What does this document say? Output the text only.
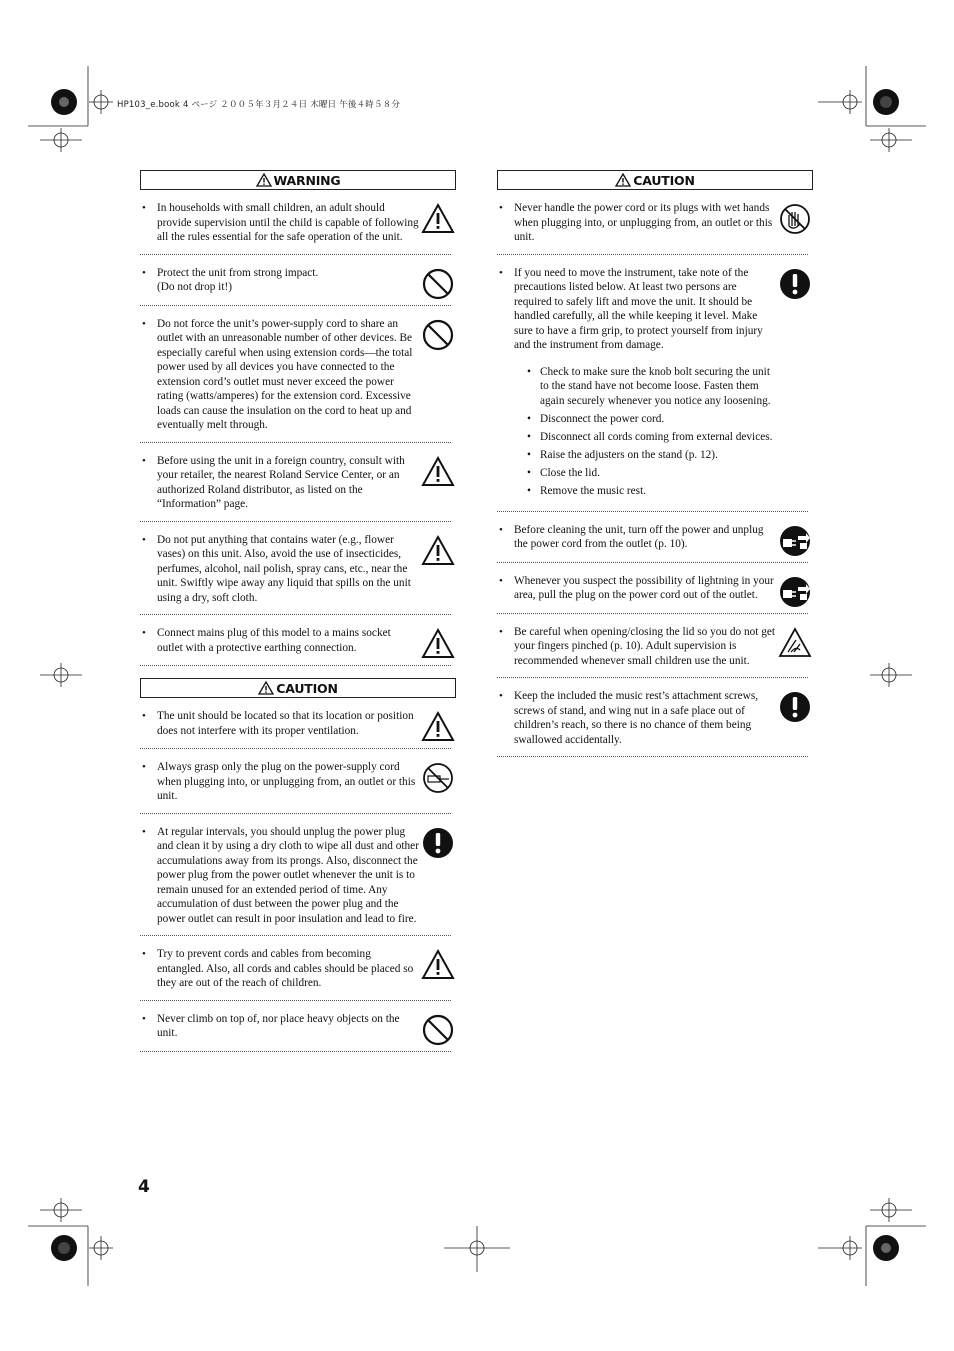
HP103_e.book 4 ページ ２００５年３月２４日 木曜日 午後４時５８分
WARNING
• In households with small children, an adult should provide supervision until the child is capable of following all the rules essential for the safe operation of the unit.
• Protect the unit from strong impact.
(Do not drop it!)
• Do not force the unit’s power-supply cord to share an outlet with an unreasonable number of other devices. Be especially careful when using extension cords—the total power used by all devices you have connected to the extension cord’s outlet must never exceed the power rating (watts/amperes) for the extension cord. Excessive loads can cause the insulation on the cord to heat up and eventually melt through.
• Before using the unit in a foreign country, consult with your retailer, the nearest Roland Service Center, or an authorized Roland distributor, as listed on the “Information” page.
• Do not put anything that contains water (e.g., flower vases) on this unit. Also, avoid the use of insecticides, perfumes, alcohol, nail polish, spray cans, etc., near the unit. Swiftly wipe away any liquid that spills on the unit using a dry, soft cloth.
• Connect mains plug of this model to a mains socket outlet with a protective earthing connection.
CAUTION
• The unit should be located so that its location or position does not interfere with its proper ventilation.
• Always grasp only the plug on the power-supply cord when plugging into, or unplugging from, an outlet or this unit.
• At regular intervals, you should unplug the power plug and clean it by using a dry cloth to wipe all dust and other accumulations away from its prongs. Also, disconnect the power plug from the power outlet whenever the unit is to remain unused for an extended period of time. Any accumulation of dust between the power plug and the power outlet can result in poor insulation and lead to fire.
• Try to prevent cords and cables from becoming entangled. Also, all cords and cables should be placed so they are out of the reach of children.
• Never climb on top of, nor place heavy objects on the unit.
CAUTION
• Never handle the power cord or its plugs with wet hands when plugging into, or unplugging from, an outlet or this unit.
• If you need to move the instrument, take note of the precautions listed below. At least two persons are required to safely lift and move the unit. It should be handled carefully, all the while keeping it level. Make sure to have a firm grip, to protect yourself from injury and the instrument from damage.
• Check to make sure the knob bolt securing the unit to the stand have not become loose. Fasten them again securely whenever you notice any loosening.
• Disconnect the power cord.
• Disconnect all cords coming from external devices.
• Raise the adjusters on the stand (p. 12).
• Close the lid.
• Remove the music rest.
• Before cleaning the unit, turn off the power and unplug the power cord from the outlet (p. 10).
• Whenever you suspect the possibility of lightning in your area, pull the plug on the power cord out of the outlet.
• Be careful when opening/closing the lid so you do not get your fingers pinched (p. 10). Adult supervision is recommended whenever small children use the unit.
• Keep the included the music rest’s attachment screws, screws of stand, and wing nut in a safe place out of children’s reach, so there is no chance of them being swallowed accidentally.
4
